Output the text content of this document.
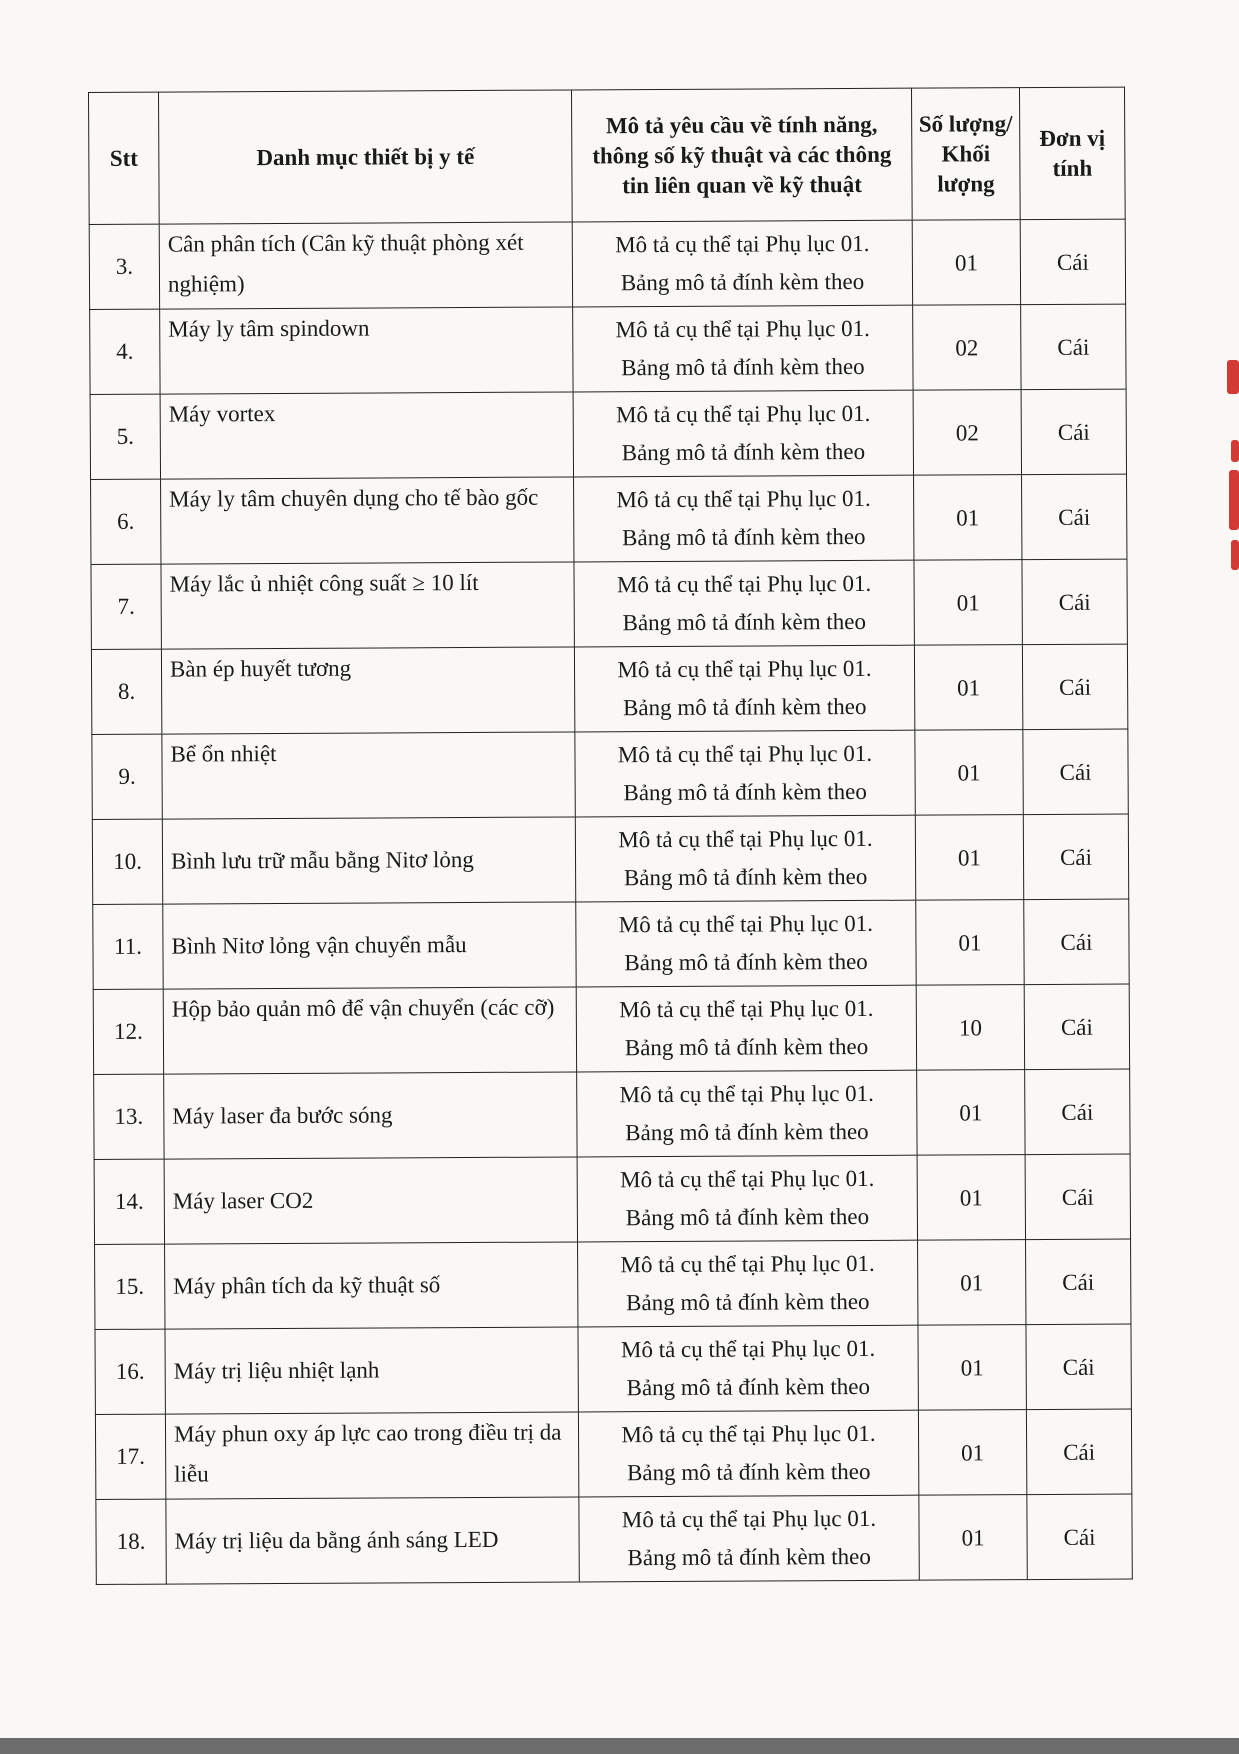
Stt	Danh mục thiết bị y tế	Mô tả yêu cầu về tính năng, thông số kỹ thuật và các thông tin liên quan về kỹ thuật	Số lượng/ Khối lượng	Đơn vị tính
3.	Cân phân tích (Cân kỹ thuật phòng xét nghiệm)	Mô tả cụ thể tại Phụ lục 01.
Bảng mô tả đính kèm theo	01	Cái
4.	Máy ly tâm spindown	Mô tả cụ thể tại Phụ lục 01.
Bảng mô tả đính kèm theo	02	Cái
5.	Máy vortex	Mô tả cụ thể tại Phụ lục 01.
Bảng mô tả đính kèm theo	02	Cái
6.	Máy ly tâm chuyên dụng cho tế bào gốc	Mô tả cụ thể tại Phụ lục 01.
Bảng mô tả đính kèm theo	01	Cái
7.	Máy lắc ủ nhiệt công suất ≥ 10 lít	Mô tả cụ thể tại Phụ lục 01.
Bảng mô tả đính kèm theo	01	Cái
8.	Bàn ép huyết tương	Mô tả cụ thể tại Phụ lục 01.
Bảng mô tả đính kèm theo	01	Cái
9.	Bể ổn nhiệt	Mô tả cụ thể tại Phụ lục 01.
Bảng mô tả đính kèm theo	01	Cái
10.	Bình lưu trữ mẫu bằng Nitơ lỏng	Mô tả cụ thể tại Phụ lục 01.
Bảng mô tả đính kèm theo	01	Cái
11.	Bình Nitơ lỏng vận chuyển mẫu	Mô tả cụ thể tại Phụ lục 01.
Bảng mô tả đính kèm theo	01	Cái
12.	Hộp bảo quản mô để vận chuyển (các cỡ)	Mô tả cụ thể tại Phụ lục 01.
Bảng mô tả đính kèm theo	10	Cái
13.	Máy laser đa bước sóng	Mô tả cụ thể tại Phụ lục 01.
Bảng mô tả đính kèm theo	01	Cái
14.	Máy laser CO2	Mô tả cụ thể tại Phụ lục 01.
Bảng mô tả đính kèm theo	01	Cái
15.	Máy phân tích da kỹ thuật số	Mô tả cụ thể tại Phụ lục 01.
Bảng mô tả đính kèm theo	01	Cái
16.	Máy trị liệu nhiệt lạnh	Mô tả cụ thể tại Phụ lục 01.
Bảng mô tả đính kèm theo	01	Cái
17.	Máy phun oxy áp lực cao trong điều trị da liễu	Mô tả cụ thể tại Phụ lục 01.
Bảng mô tả đính kèm theo	01	Cái
18.	Máy trị liệu da bằng ánh sáng LED	Mô tả cụ thể tại Phụ lục 01.
Bảng mô tả đính kèm theo	01	Cái
